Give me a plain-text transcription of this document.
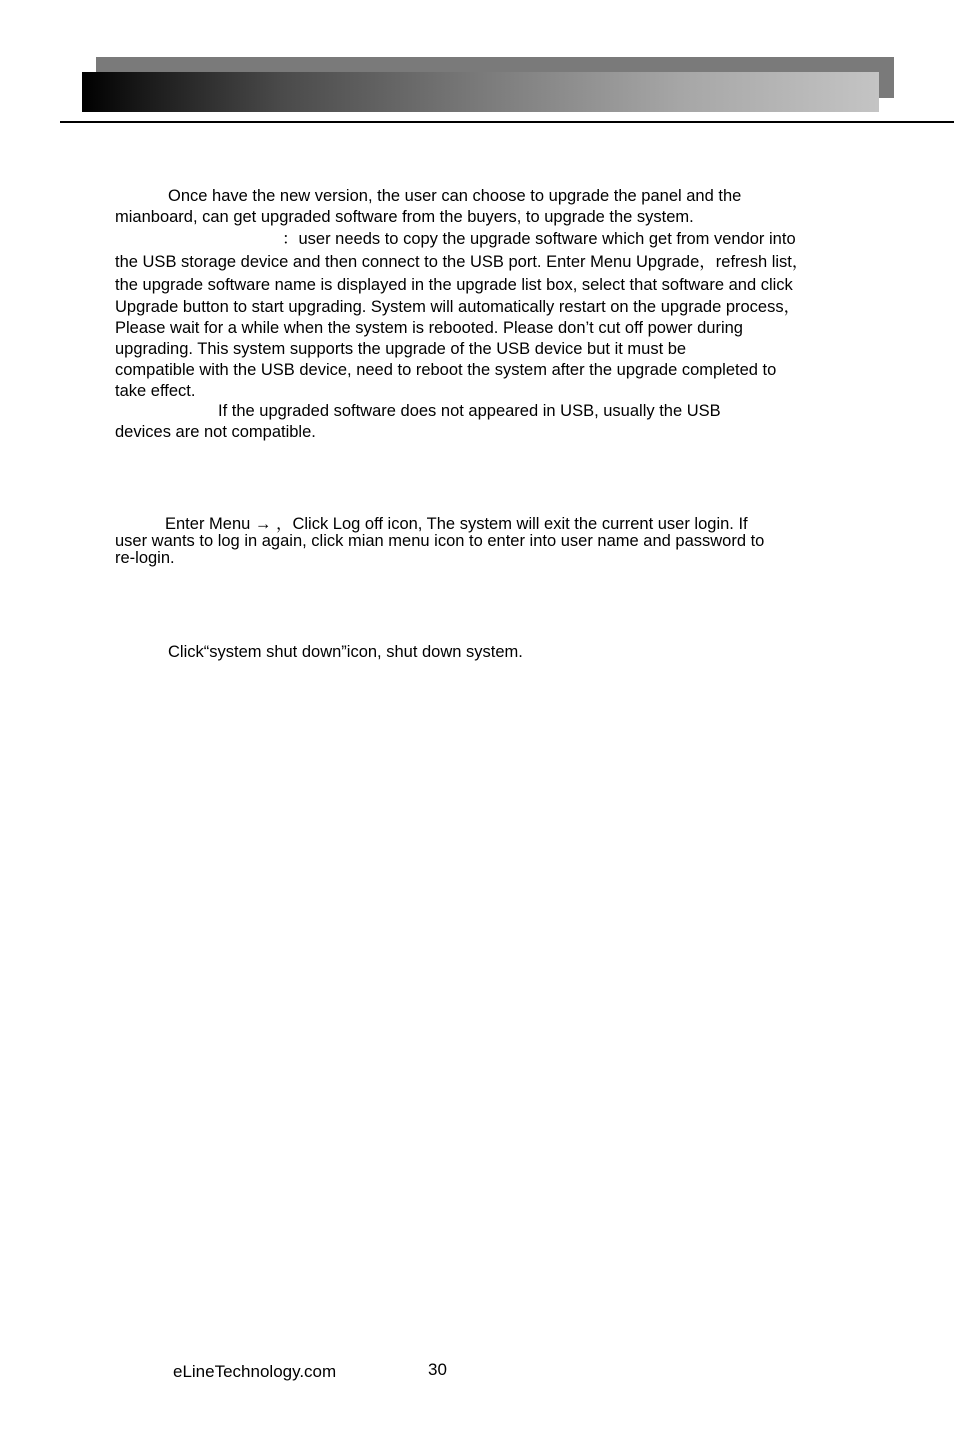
Once have the new version, the user can choose to upgrade the panel and the

mianboard, can get upgraded software from the buyers, to upgrade the system.

：user needs to copy the upgrade software which get from vendor into

the USB storage device and then connect to the USB port. Enter Menu Upgrade，refresh list，

the upgrade software name is displayed in the upgrade list box, select that software and click

Upgrade button to start upgrading. System will automatically restart on the upgrade process，

Please wait for a while when the system is rebooted. Please don’t cut off power during

upgrading. This system supports the upgrade of the USB device but it must be

compatible with the USB device, need to reboot the system after the upgrade completed to

take effect.

If the upgraded software does not appeared in USB, usually the USB

devices are not compatible.

Enter Menu → ，Click Log off icon, The system will exit the current user login. If

user wants to log in again, click mian menu icon to enter into user name and password to

re-login.

Click“system shut down”icon, shut down system.

eLineTechnology.com	30
